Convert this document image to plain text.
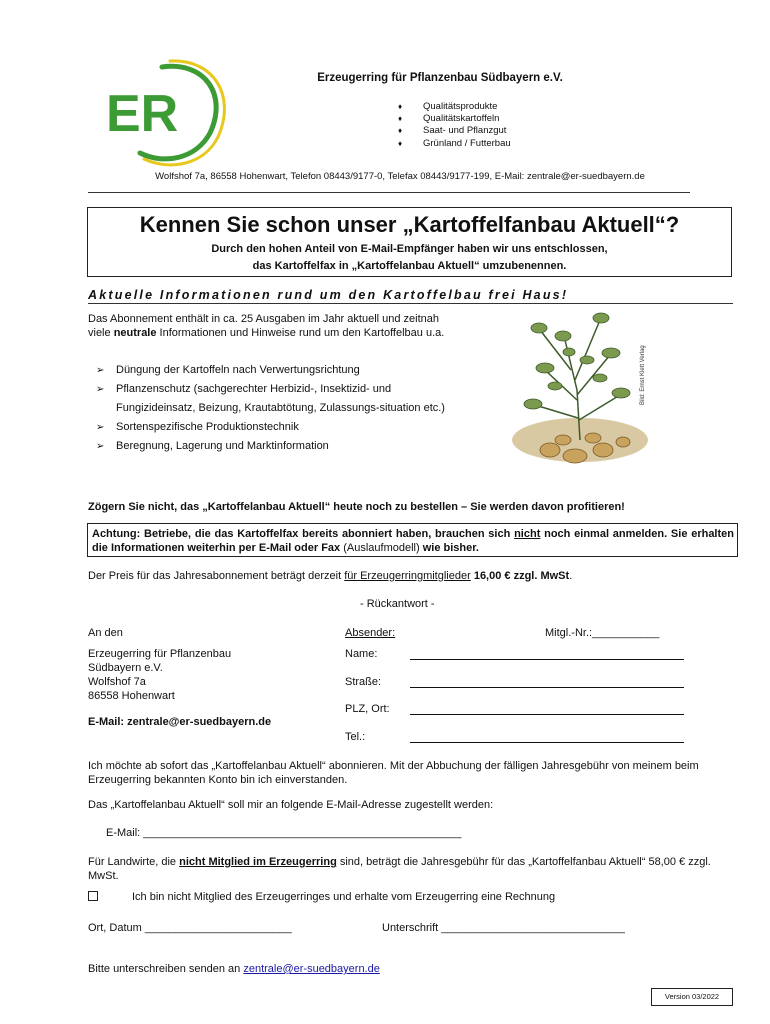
ER
Erzeugerring für Pflanzenbau Südbayern e.V.
♦ Qualitätsprodukte
♦ Qualitätskartoffeln
♦ Saat- und Pflanzgut
♦ Grünland / Futterbau
Wolfshof 7a, 86558 Hohenwart, Telefon 08443/9177-0, Telefax 08443/9177-199, E-Mail: zentrale@er-suedbayern.de
Kennen Sie schon unser „Kartoffelfanbau Aktuell“?
Durch den hohen Anteil von E-Mail-Empfänger haben wir uns entschlossen,
das Kartoffelfax in „Kartoffelanbau Aktuell“ umzubenennen.
Aktuelle Informationen rund um den Kartoffelbau frei Haus!
Das Abonnement enthält in ca. 25 Ausgaben im Jahr aktuell und zeitnah viele neutrale Informationen und Hinweise rund um den Kartoffelbau u.a.
➢ Düngung der Kartoffeln nach Verwertungsrichtung
➢ Pflanzenschutz (sachgerechter Herbizid-, Insektizid- und Fungizideinsatz, Beizung, Krautabtötung, Zulassungs-situation etc.)
➢ Sortenspezifische Produktionstechnik
➢ Beregnung, Lagerung und Marktinformation
Bild: Ernst Klett Verlag
Zögern Sie nicht, das „Kartoffelanbau Aktuell“ heute noch zu bestellen – Sie werden davon profitieren!
Achtung: Betriebe, die das Kartoffelfax bereits abonniert haben, brauchen sich nicht noch einmal anmelden. Sie erhalten die Informationen weiterhin per E-Mail oder Fax (Auslaufmodell) wie bisher.
Der Preis für das Jahresabonnement beträgt derzeit für Erzeugerringmitglieder 16,00 € zzgl. MwSt.
- Rückantwort -
An den	Absender:	Mitgl.-Nr.:___________
Erzeugerring für Pflanzenbau
Südbayern e.V.
Wolfshof 7a
86558 Hohenwart
E-Mail: zentrale@er-suedbayern.de
Name:
Straße:
PLZ, Ort:
Tel.:
Ich möchte ab sofort das „Kartoffelanbau Aktuell“ abonnieren. Mit der Abbuchung der fälligen Jahresgebühr von meinem beim Erzeugerring bekannten Konto bin ich einverstanden.
Das „Kartoffelanbau Aktuell“ soll mir an folgende E-Mail-Adresse zugestellt werden:
E-Mail: ____________________________________________________
Für Landwirte, die nicht Mitglied im Erzeugerring sind, beträgt die Jahresgebühr für das „Kartoffelfanbau Aktuell“ 58,00 € zzgl. MwSt.
Ich bin nicht Mitglied des Erzeugerringes und erhalte vom Erzeugerring eine Rechnung
Ort, Datum ________________________	Unterschrift ______________________________
Bitte unterschreiben senden an zentrale@er-suedbayern.de
Version 03/2022
